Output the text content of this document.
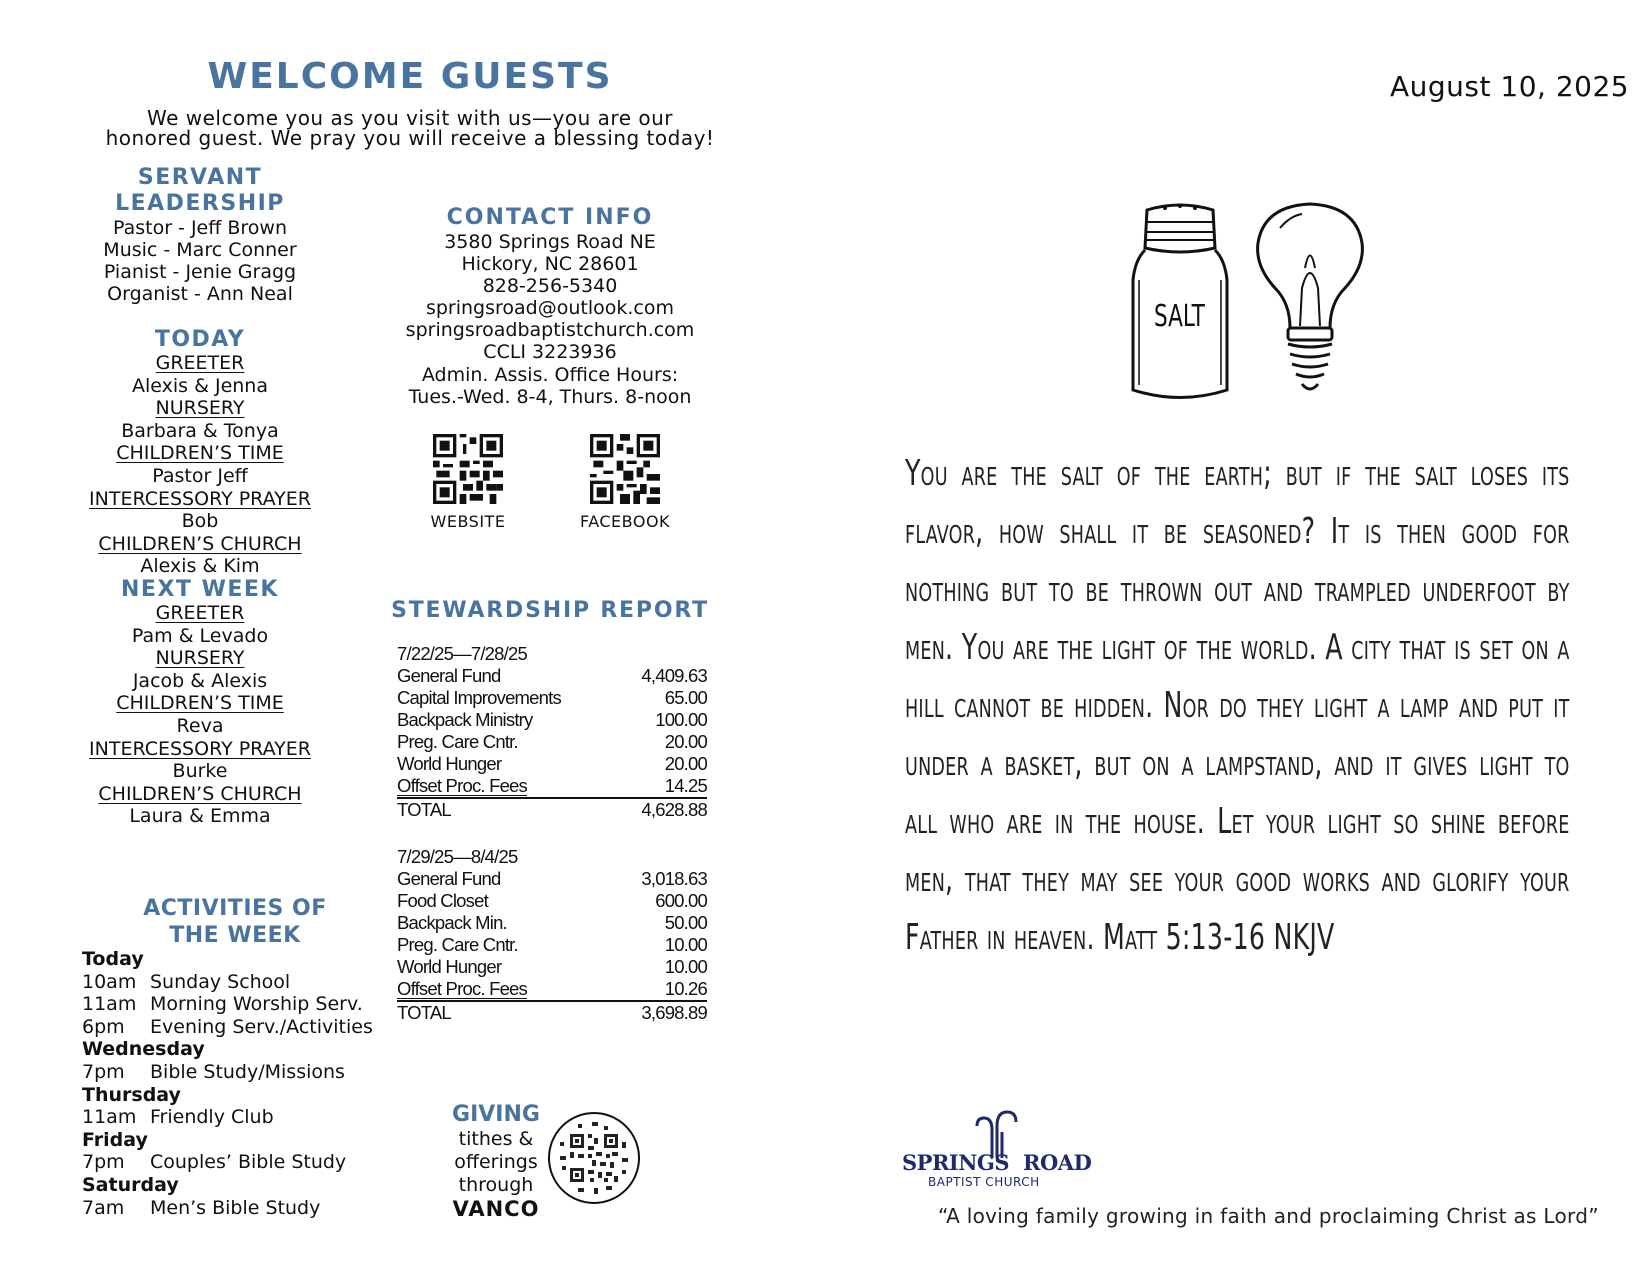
WELCOME GUESTS
We welcome you as you visit with us—you are our
honored guest. We pray you will receive a blessing today!
SERVANT
LEADERSHIP
Pastor - Jeff Brown
Music - Marc Conner
Pianist - Jenie Gragg
Organist - Ann Neal
TODAY
GREETER
Alexis & Jenna
NURSERY
Barbara & Tonya
CHILDREN’S TIME
Pastor Jeff
INTERCESSORY PRAYER
Bob
CHILDREN’S CHURCH
Alexis & Kim
NEXT WEEK
GREETER
Pam & Levado
NURSERY
Jacob & Alexis
CHILDREN’S TIME
Reva
INTERCESSORY PRAYER
Burke
CHILDREN’S CHURCH
Laura & Emma
CONTACT INFO
3580 Springs Road NE
Hickory, NC 28601
828-256-5340
springsroad@outlook.com
springsroadbaptistchurch.com
CCLI 3223936
Admin. Assis. Office Hours:
Tues.-Wed. 8-4, Thurs. 8-noon
WEBSITE	FACEBOOK
STEWARDSHIP REPORT
7/22/25—7/28/25
General Fund	4,409.63
Capital Improvements	65.00
Backpack Ministry	100.00
Preg. Care Cntr.	20.00
World Hunger	20.00
Offset Proc. Fees	14.25
TOTAL	4,628.88
7/29/25—8/4/25
General Fund	3,018.63
Food Closet	600.00
Backpack Min.	50.00
Preg. Care Cntr.	10.00
World Hunger	10.00
Offset Proc. Fees	10.26
TOTAL	3,698.89
ACTIVITIES OF
THE WEEK
Today
10am Sunday School
11am Morning Worship Serv.
6pm	Evening Serv./Activities
Wednesday
7pm	Bible Study/Missions
Thursday
11am Friendly Club
Friday
7pm	Couples’ Bible Study
Saturday
7am	Men’s Bible Study
GIVING
tithes &
offerings
through
VANCO
August 10, 2025
SALT
You are the salt of the earth; but if the salt loses its flavor, how shall it be seasoned? It is then good for nothing but to be thrown out and trampled underfoot by men. You are the light of the world. A city that is set on a hill cannot be hidden. Nor do they light a lamp and put it under a basket, but on a lampstand, and it gives light to all who are in the house. Let your light so shine before men, that they may see your good works and glorify your Father in heaven. Matt 5:13-16 NKJV
SPRINGS ROAD
BAPTIST CHURCH
“A loving family growing in faith and proclaiming Christ as Lord”
